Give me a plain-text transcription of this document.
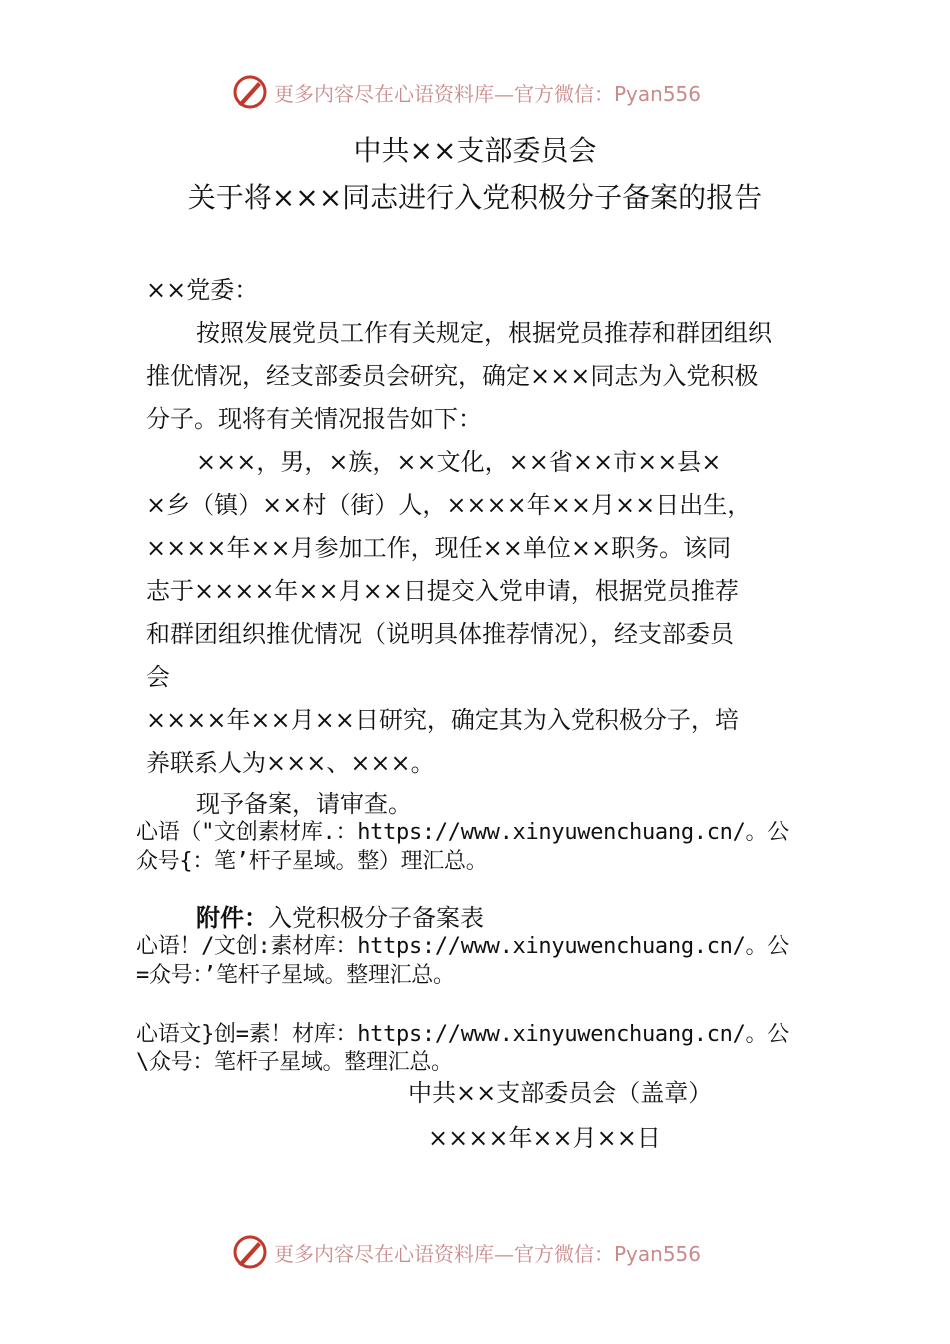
更多内容尽在心语资料库—官方微信：Pyan556
中共××支部委员会
关于将×××同志进行入党积极分子备案的报告
××党委：
按照发展党员工作有关规定，根据党员推荐和群团组织
推优情况，经支部委员会研究，确定×××同志为入党积极
分子。现将有关情况报告如下：
×××，男，×族，××文化，××省××市××县×
×乡（镇）××村（街）人，××××年××月××日出生，
××××年××月参加工作，现任××单位××职务。该同
志于××××年××月××日提交入党申请，根据党员推荐
和群团组织推优情况（说明具体推荐情况），经支部委员
会
××××年××月××日研究，确定其为入党积极分子，培
养联系人为×××、×××。
现予备案，请审查。
心语（"文创素材库.：https://www.xinyuwenchuang.cn/。公
众号{：笔’杆子星域。整）理汇总。
附件：入党积极分子备案表
心语！/文创:素材库：https://www.xinyuwenchuang.cn/。公
=众号：’笔杆子星域。整理汇总。
心语文}创=素！材库：https://www.xinyuwenchuang.cn/。公
\众号：笔杆子星域。整理汇总。
中共××支部委员会（盖章）
××××年××月××日
更多内容尽在心语资料库—官方微信：Pyan556
